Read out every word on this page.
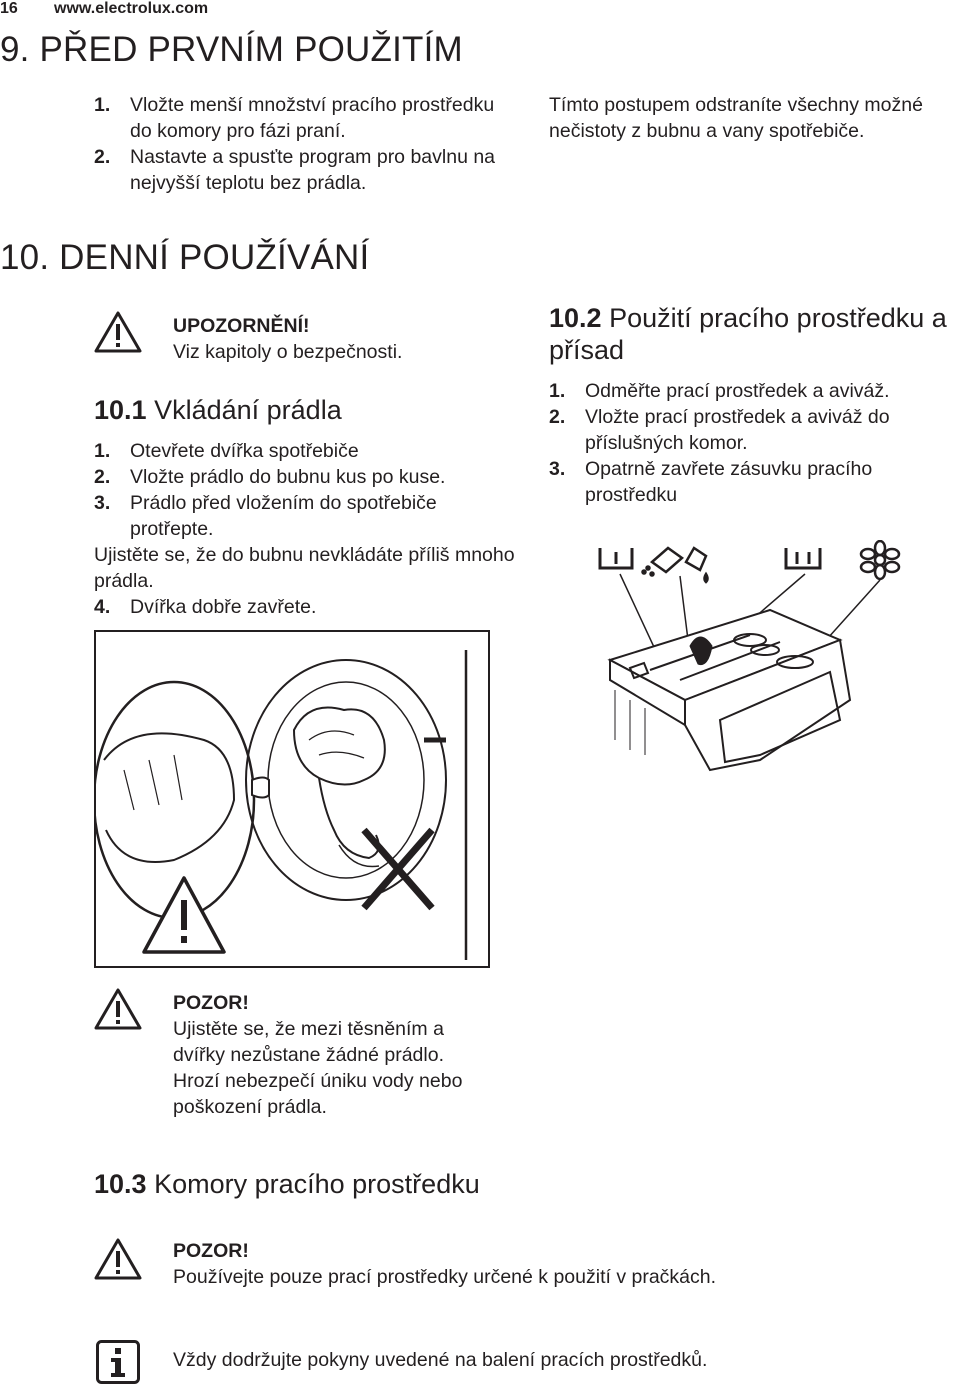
16 www.electrolux.com
9. PŘED PRVNÍM POUŽITÍM
1. Vložte menší množství pracího prostředku do komory pro fázi praní.
2. Nastavte a spusťte program pro bavlnu na nejvyšší teplotu bez prádla.
10. DENNÍ POUŽÍVÁNÍ
UPOZORNĚNÍ!
Viz kapitoly o bezpečnosti.
10.1 Vkládání prádla
1. Otevřete dvířka spotřebiče
2. Vložte prádlo do bubnu kus po kuse.
3. Prádlo před vložením do spotřebiče protřepte.
Ujistěte se, že do bubnu nevkládáte příliš mnoho prádla.
4. Dvířka dobře zavřete.
POZOR!
Ujistěte se, že mezi těsněním a dvířky nezůstane žádné prádlo. Hrozí nebezpečí úniku vody nebo poškození prádla.
10.3 Komory pracího prostředku
POZOR!
Používejte pouze prací prostředky určené k použití v pračkách.
Vždy dodržujte pokyny uvedené na balení pracích prostředků.
Tímto postupem odstraníte všechny možné nečistoty z bubnu a vany spotřebiče.
10.2 Použití pracího prostředku a přísad
1. Odměřte prací prostředek a aviváž.
2. Vložte prací prostředek a aviváž do příslušných komor.
3. Opatrně zavřete zásuvku pracího prostředku
